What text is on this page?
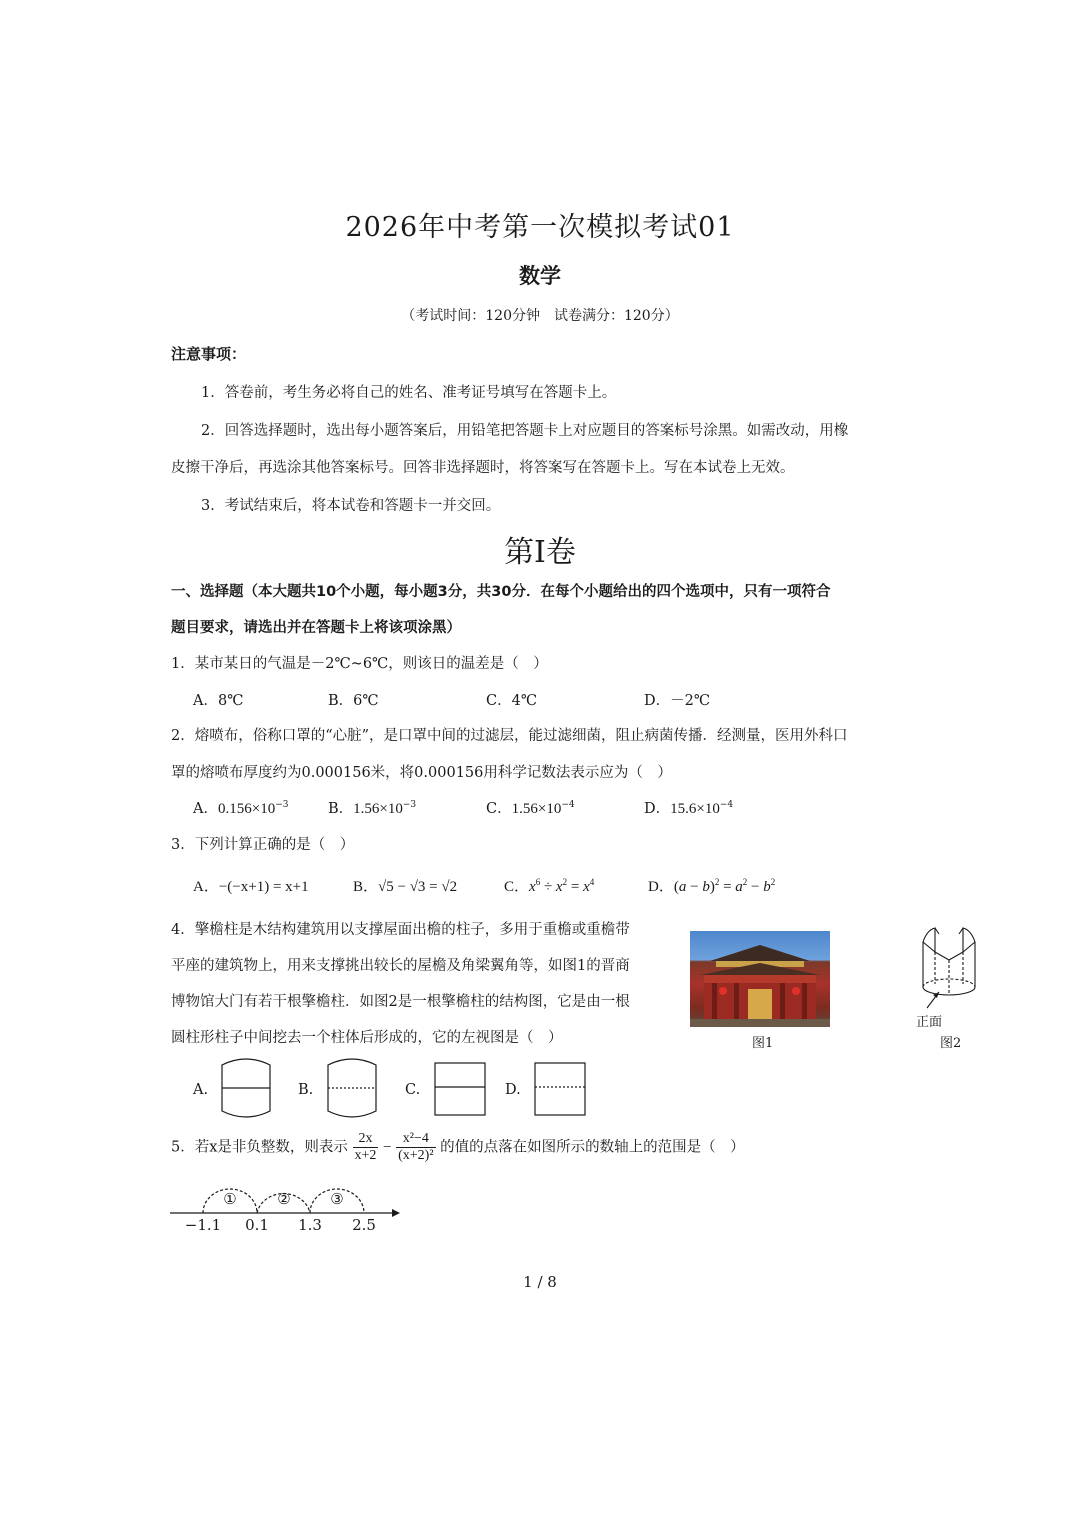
2026年中考第一次模拟考试01
数学
（考试时间：120分钟　试卷满分：120分）
注意事项：
1．答卷前，考生务必将自己的姓名、准考证号填写在答题卡上。
2．回答选择题时，选出每小题答案后，用铅笔把答题卡上对应题目的答案标号涂黑。如需改动，用橡
皮擦干净后，再选涂其他答案标号。回答非选择题时，将答案写在答题卡上。写在本试卷上无效。
3．考试结束后，将本试卷和答题卡一并交回。
第I卷
一、选择题（本大题共10个小题，每小题3分，共30分．在每个小题给出的四个选项中，只有一项符合
题目要求，请选出并在答题卡上将该项涂黑）
1．某市某日的气温是－2℃~6℃，则该日的温差是（　）
A．8℃	B．6℃	C．4℃	D．－2℃
2．熔喷布，俗称口罩的“心脏”，是口罩中间的过滤层，能过滤细菌，阻止病菌传播．经测量，医用外科口
罩的熔喷布厚度约为0.000156米，将0.000156用科学记数法表示应为（　）
A．$0.156\times 10^{-3}$	B．$1.56\times 10^{-3}$	C．$1.56\times 10^{-4}$	D．$15.6\times 10^{-4}$
3．下列计算正确的是（　）
A．−(−x+1) = x+1	B．√5 − √3 = √2	C．$x^6 \div x^2 = x^4$	D．$(a - b)^2 = a^2 - b^2$
4．擎檐柱是木结构建筑用以支撑屋面出檐的柱子，多用于重檐或重檐带
平座的建筑物上，用来支撑挑出较长的屋檐及角梁翼角等，如图1的晋商
博物馆大门有若干根擎檐柱．如图2是一根擎檐柱的结构图，它是由一根
圆柱形柱子中间挖去一个柱体后形成的，它的左视图是（　）	图1
正面
图2
A.	B.	C.	D.
5．若x是非负整数，则表示 $\frac{2x}{x+2} - \frac{\text{x²−4}}{\text{(x+2)²}}$ 的值的点落在如图所示的数轴上的范围是（　）
①	②	③
−1.1 0.1 1.3 2.5
1 / 8
